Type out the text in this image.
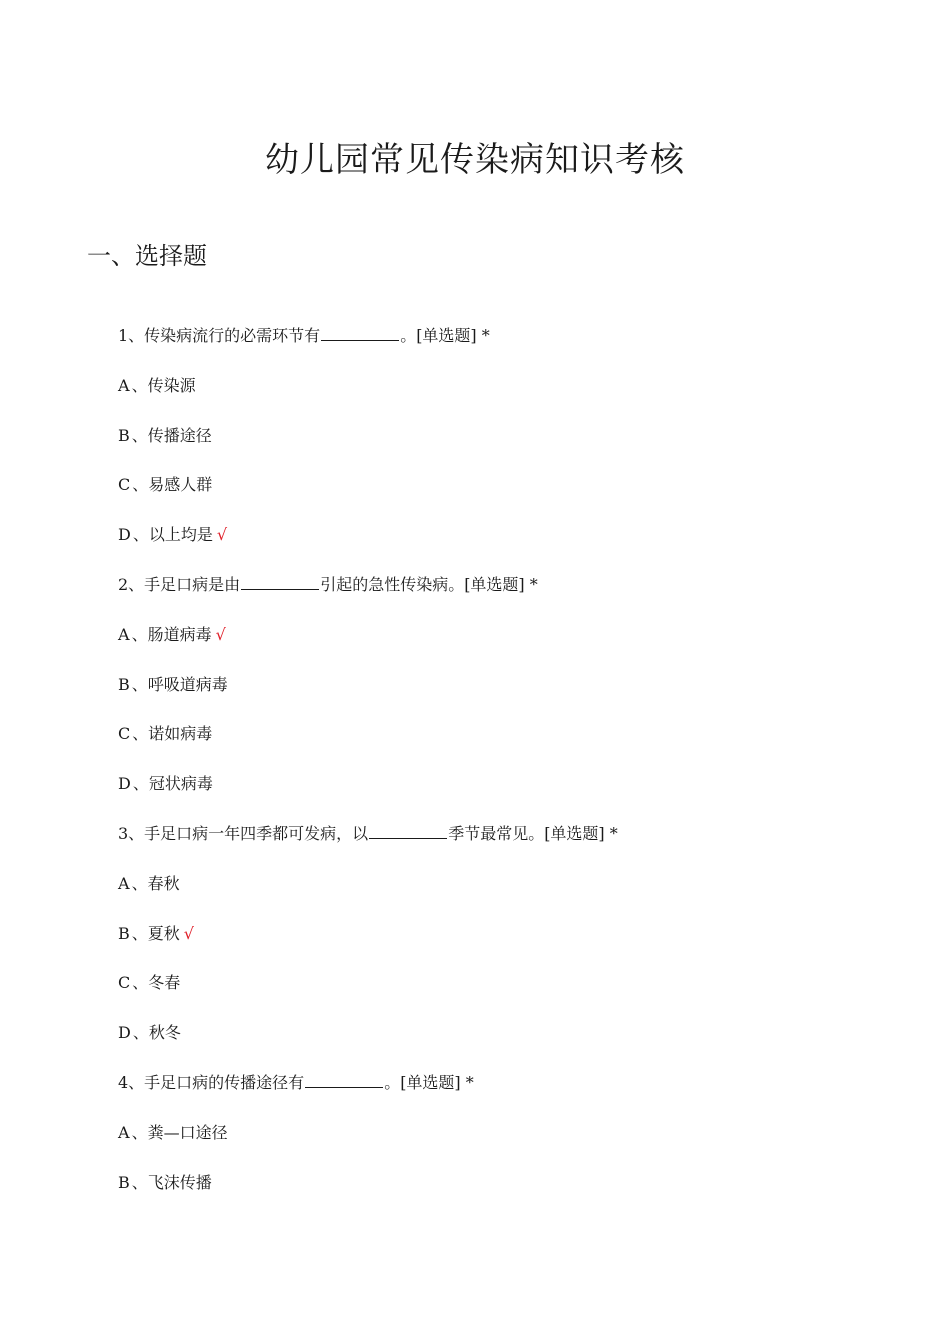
幼儿园常见传染病知识考核
一、选择题
1、传染病流行的必需环节有	。[单选题] *
A 、传染源
B 、传播途径
C 、易感人群
D 、以上均是 √
2、手足口病是由	引起的急性传染病。[单选题] *
A 、肠道病毒 √
B 、呼吸道病毒
C 、诺如病毒
D 、冠状病毒
3、手足口病一年四季都可发病，以	季节最常见。[单选题] *
A 、春秋
B 、夏秋 √
C 、冬春
D 、秋冬
4、手足口病的传播途径有	。[单选题] *
A 、粪—口途径
B 、飞沫传播
